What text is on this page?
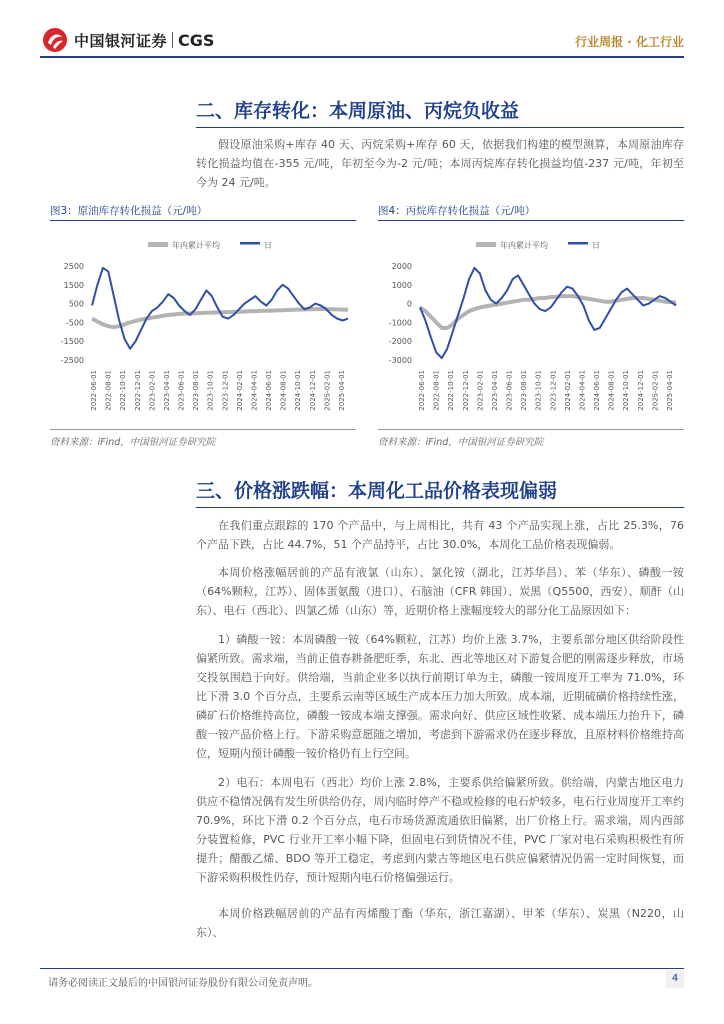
中国银河证券 CGS	行业周报 · 化工行业
二、库存转化：本周原油、丙烷负收益

假设原油采购+库存 40 天、丙烷采购+库存 60 天，依据我们构建的模型测算，本周原油库存转化损益均值在-355 元/吨，年初至今为-2 元/吨；本周丙烷库存转化损益均值-237 元/吨，年初至今为 24 元/吨。

图3：原油库存转化损益（元/吨）
年内累计平均	日
2500
1500
500
-500
-1500
-2500
2022-06-01 2022-08-01 2022-10-01 2022-12-01 2023-02-01 2023-04-01 2023-06-01 2023-08-01 2023-10-01 2023-12-01 2024-02-01 2024-04-01 2024-06-01 2024-08-01 2024-10-01 2024-12-01 2025-02-01 2025-04-01
资料来源：iFind，中国银河证券研究院
图4：丙烷库存转化损益（元/吨）
年内累计平均	日
2000
1000
0
-1000
-2000
-3000
2022-06-01 2022-08-01 2022-10-01 2022-12-01 2023-02-01 2023-04-01 2023-06-01 2023-08-01 2023-10-01 2023-12-01 2024-02-01 2024-04-01 2024-06-01 2024-08-01 2024-10-01 2024-12-01 2025-02-01 2025-04-01
资料来源：iFind，中国银河证券研究院
三、价格涨跌幅：本周化工品价格表现偏弱

在我们重点跟踪的 170 个产品中，与上周相比，共有 43 个产品实现上涨，占比 25.3%，76 个产品下跌，占比 44.7%，51 个产品持平，占比 30.0%，本周化工品价格表现偏弱。

本周价格涨幅居前的产品有液氯（山东）、氯化铵（湖北，江苏华昌）、苯（华东）、磷酸一铵（64%颗粒，江苏）、固体蛋氨酸（进口）、石脑油（CFR 韩国）、炭黑（Q5500，西安）、顺酐（山东）、电石（西北）、四氯乙烯（山东）等，近期价格上涨幅度较大的部分化工品原因如下：

1）磷酸一铵：本周磷酸一铵（64%颗粒，江苏）均价上涨 3.7%，主要系部分地区供给阶段性偏紧所致。需求端，当前正值春耕备肥旺季，东北、西北等地区对下游复合肥的刚需逐步释放，市场交投氛围趋于向好。供给端，当前企业多以执行前期订单为主，磷酸一铵周度开工率为 71.0%，环比下滑 3.0 个百分点，主要系云南等区域生产成本压力加大所致。成本端，近期硫磺价格持续性涨，磷矿石价格维持高位，磷酸一铵成本端支撑强。需求向好、供应区域性收紧、成本端压力抬升下，磷酸一铵产品价格上行。下游采购意愿随之增加，考虑到下游需求仍在逐步释放，且原材料价格维持高位，短期内预计磷酸一铵价格仍有上行空间。

2）电石：本周电石（西北）均价上涨 2.8%，主要系供给偏紧所致。供给端，内蒙古地区电力供应不稳情况偶有发生所供给仍存，周内临时停产不稳或检修的电石炉较多，电石行业周度开工率约 70.9%，环比下滑 0.2 个百分点，电石市场货源流通依旧偏紧，出厂价格上行。需求端，周内西部分装置检修，PVC 行业开工率小幅下降，但固电石到货情况不佳，PVC 厂家对电石采购积极性有所提升；醋酸乙烯、BDO 等开工稳定，考虑到内蒙古等地区电石供应偏紧情况仍需一定时间恢复，而下游采购积极性仍存，预计短期内电石价格偏强运行。

本周价格跌幅居前的产品有丙烯酸丁酯（华东，浙江嘉湖）、甲苯（华东）、炭黑（N220，山东）、

请务必阅读正文最后的中国银河证券股份有限公司免责声明。	4
